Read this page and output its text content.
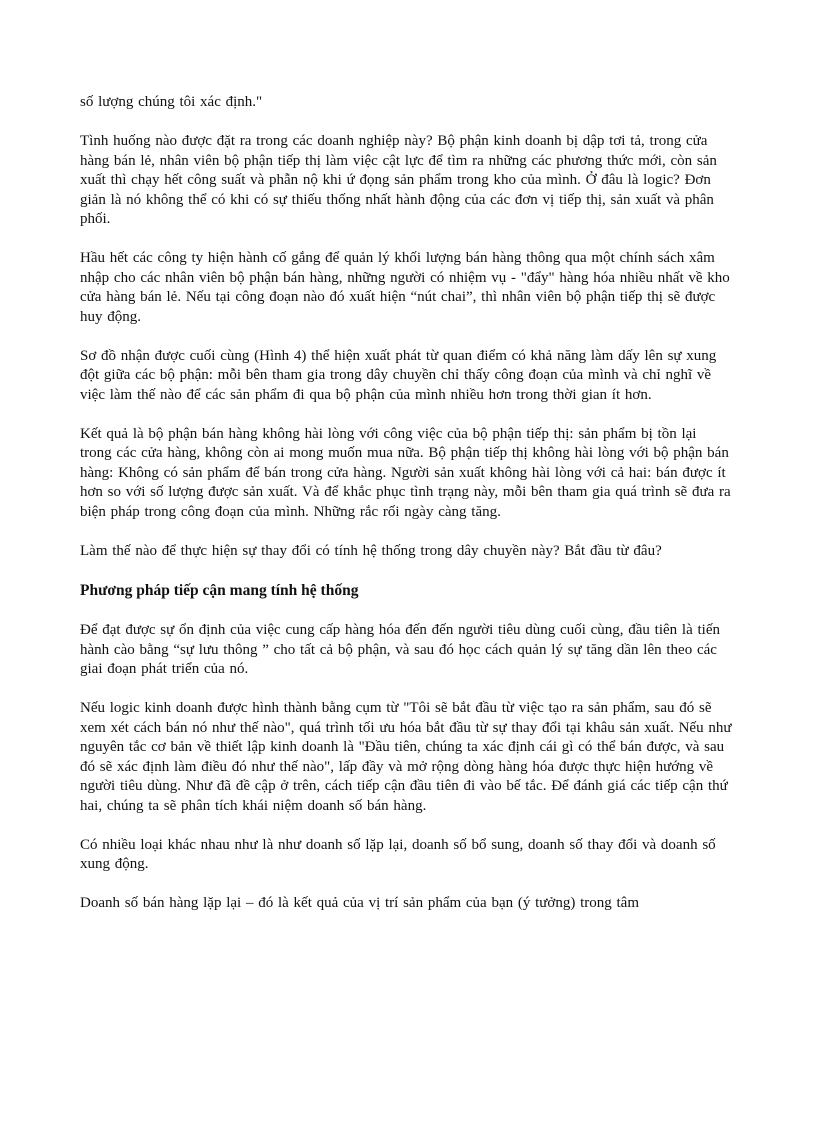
số lượng chúng tôi xác định."

Tình huống nào được đặt ra trong các doanh nghiệp này? Bộ phận kinh doanh bị dập tơi tả, trong cửa hàng bán lẻ, nhân viên bộ phận tiếp thị làm việc cật lực để tìm ra những các phương thức mới, còn sản xuất thì chạy hết công suất và phẫn nộ khi ứ đọng sản phẩm trong kho của mình. Ở đâu là logic? Đơn giản là nó không thể có khi có sự thiếu thống nhất hành động của các đơn vị tiếp thị, sản xuất và phân phối.

Hầu hết các công ty hiện hành cố gắng để quản lý khối lượng bán hàng thông qua một chính sách xâm nhập cho các nhân viên bộ phận bán hàng, những người có nhiệm vụ - "đẩy" hàng hóa nhiều nhất về kho cửa hàng bán lẻ. Nếu tại công đoạn nào đó xuất hiện “nút chai”, thì nhân viên bộ phận tiếp thị sẽ được huy động.

Sơ đồ nhận được cuối cùng (Hình 4) thể hiện xuất phát từ quan điểm có khả năng làm dấy lên sự xung đột giữa các bộ phận: mỗi bên tham gia trong dây chuyền chỉ thấy công đoạn của mình và chỉ nghĩ về việc làm thế nào để các sản phẩm đi qua bộ phận của mình nhiều hơn trong thời gian ít hơn.

Kết quả là bộ phận bán hàng không hài lòng với công việc của bộ phận tiếp thị: sản phẩm bị tồn lại trong các cửa hàng, không còn ai mong muốn mua nữa. Bộ phận tiếp thị không hài lòng với bộ phận bán hàng: Không có sản phẩm để bán trong cửa hàng. Người sản xuất không hài lòng với cả hai: bán được ít hơn so với số lượng được sản xuất. Và để khắc phục tình trạng này, mỗi bên tham gia quá trình sẽ đưa ra biện pháp trong công đoạn của mình. Những rắc rối ngày càng tăng.

Làm thế nào để thực hiện sự thay đổi có tính hệ thống trong dây chuyền này? Bắt đầu từ đâu?

Phương pháp tiếp cận mang tính hệ thống

Để đạt được sự ổn định của việc cung cấp hàng hóa đến đến người tiêu dùng cuối cùng, đầu tiên là tiến hành cào bằng “sự lưu thông ” cho tất cả bộ phận, và sau đó học cách quản lý sự tăng dần lên theo các giai đoạn phát triển của nó.

Nếu logic kinh doanh được hình thành bằng cụm từ "Tôi sẽ bắt đầu từ việc tạo ra sản phẩm, sau đó sẽ xem xét cách bán nó như thế nào", quá trình tối ưu hóa bắt đầu từ sự thay đổi tại khâu sản xuất. Nếu như nguyên tắc cơ bản về thiết lập kinh doanh là "Đầu tiên, chúng ta xác định cái gì có thể bán được, và sau đó sẽ xác định làm điều đó như thế nào", lấp đầy và mở rộng dòng hàng hóa được thực hiện hướng về người tiêu dùng. Như đã đề cập ở trên, cách tiếp cận đầu tiên đi vào bế tắc. Để đánh giá các tiếp cận thứ hai, chúng ta sẽ phân tích khái niệm doanh số bán hàng.

Có nhiều loại khác nhau như là như doanh số lặp lại, doanh số bổ sung, doanh số thay đổi và doanh số xung động.

Doanh số bán hàng lặp lại – đó là kết quả của vị trí sản phẩm của bạn (ý tưởng) trong tâm
